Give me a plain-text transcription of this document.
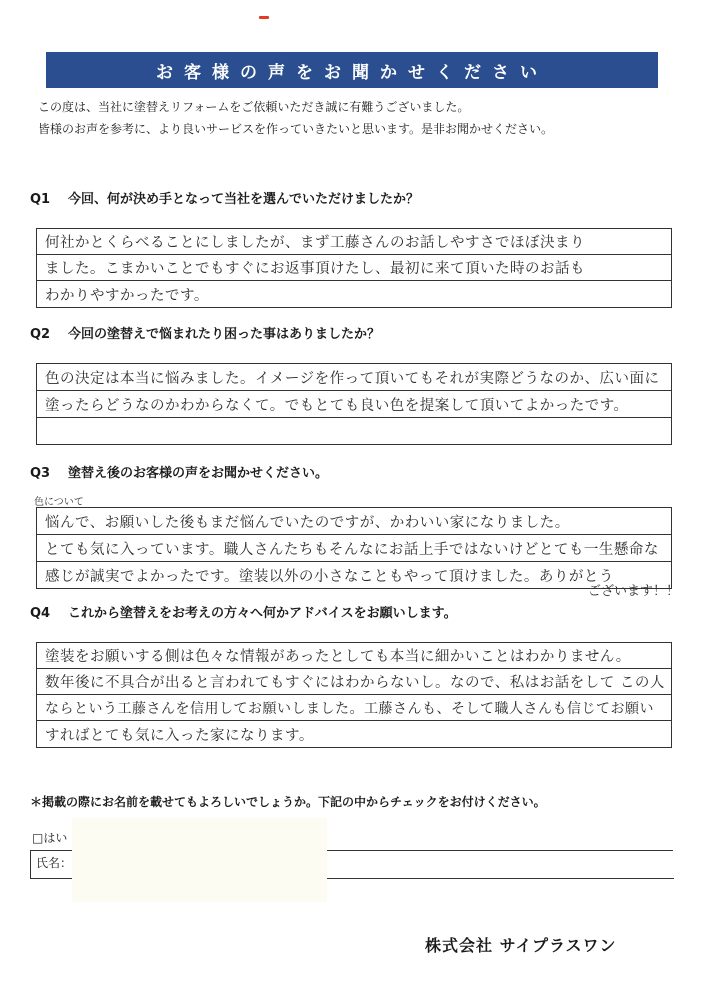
お客様の声をお聞かせください
この度は、当社に塗替えリフォームをご依頼いただき誠に有難うございました。
皆様のお声を参考に、より良いサービスを作っていきたいと思います。是非お聞かせください。
Q1 今回、何が決め手となって当社を選んでいただけましたか？
何社かとくらべることにしましたが、まず工藤さんのお話しやすさでほぼ決まり
ました。こまかいことでもすぐにお返事頂けたし、最初に来て頂いた時のお話も
わかりやすかったです。
Q2 今回の塗替えで悩まれたり困った事はありましたか？
色の決定は本当に悩みました。イメージを作って頂いてもそれが実際どうなのか、広い面に
塗ったらどうなのかわからなくて。でもとても良い色を提案して頂いてよかったです。
Q3 塗替え後のお客様の声をお聞かせください。
色について
悩んで、お願いした後もまだ悩んでいたのですが、かわいい家になりました。
とても気に入っています。職人さんたちもそんなにお話上手ではないけどとても一生懸命な
感じが誠実でよかったです。塗装以外の小さなこともやって頂けました。ありがとう
ございます！！
Q4 これから塗替えをお考えの方々へ何かアドバイスをお願いします。
塗装をお願いする側は色々な情報があったとしても本当に細かいことはわかりません。
数年後に不具合が出ると言われてもすぐにはわからないし。なので、私はお話をして この人
ならという工藤さんを信用してお願いしました。工藤さんも、そして職人さんも信じてお願い
すればとても気に入った家になります。
＊掲載の際にお名前を載せてもよろしいでしょうか。下記の中からチェックをお付けください。
□はい
氏名：
株式会社 サイプラスワン
